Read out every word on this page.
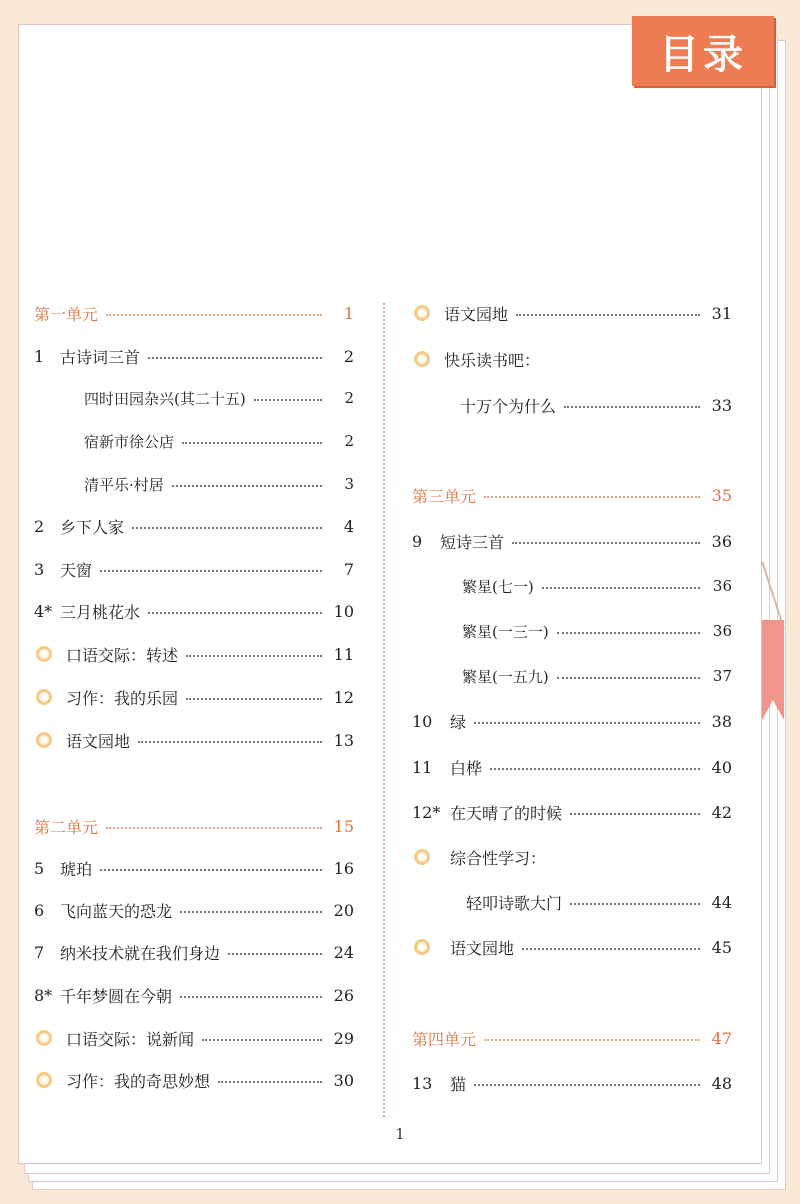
目录
第一单元	1
1 古诗词三首	2
四时田园杂兴(其二十五)	2
宿新市徐公店	2
清平乐·村居	3
2 乡下人家	4
3 天窗	7
4* 三月桃花水	10
口语交际：转述	11
习作：我的乐园	12
语文园地	13
第二单元	15
5 琥珀	16
6 飞向蓝天的恐龙	20
7 纳米技术就在我们身边	24
8* 千年梦圆在今朝	26
口语交际：说新闻	29
习作：我的奇思妙想	30
语文园地	31
快乐读书吧：
十万个为什么	33
第三单元	35
9	短诗三首	36
繁星(七一)	36
繁星(一三一)	36
繁星(一五九)	37
10	绿	38
11	白桦	40
12* 在天晴了的时候	42
综合性学习：
轻叩诗歌大门	44
语文园地	45
第四单元	47
13	猫	48
1
